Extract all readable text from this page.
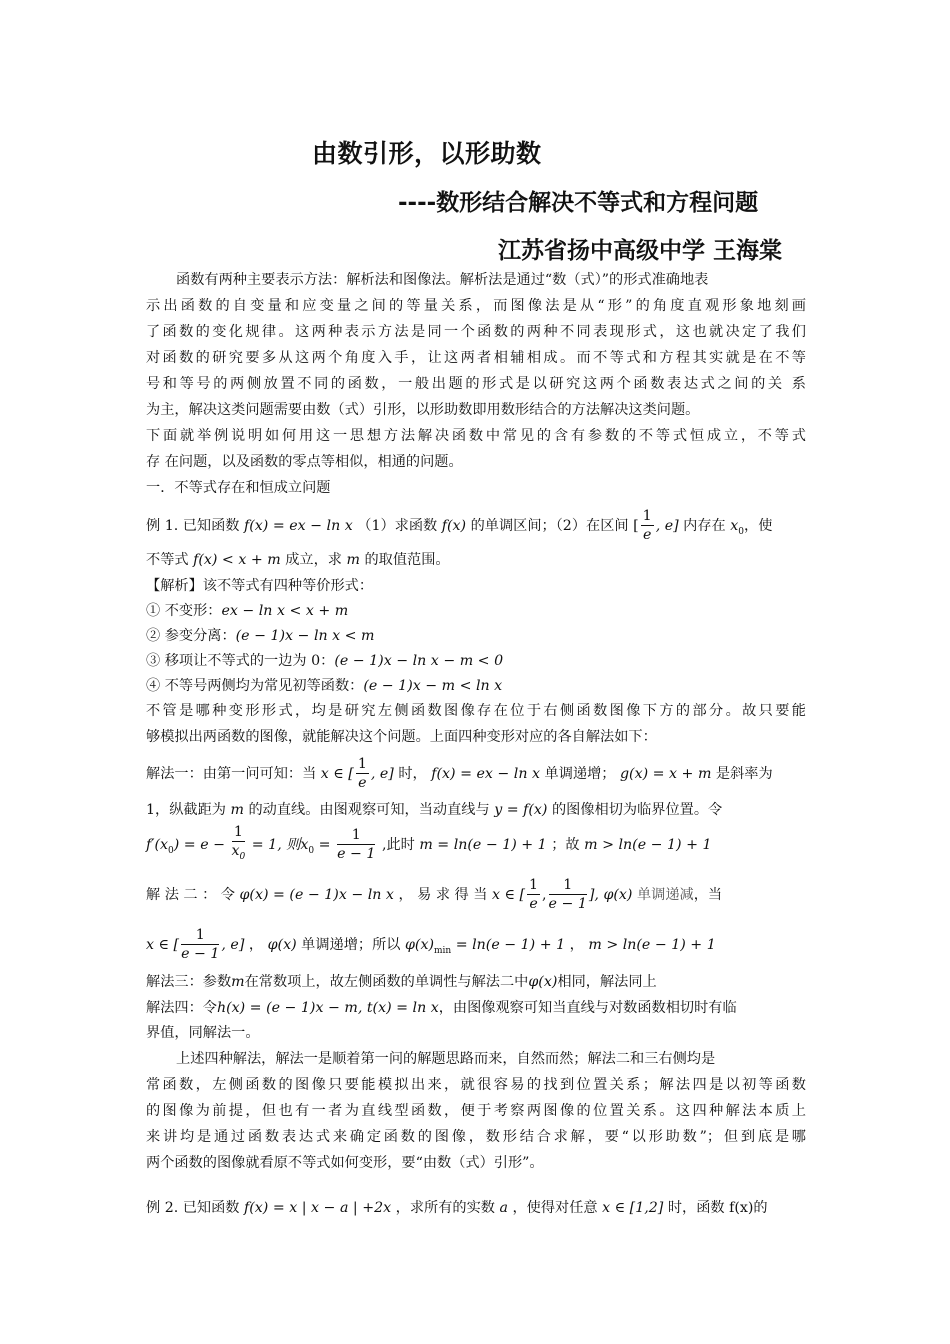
由数引形，以形助数
----数形结合解决不等式和方程问题
江苏省扬中高级中学 王海棠
函数有两种主要表示方法：解析法和图像法。解析法是通过“数（式）”的形式准确地表
示出函数的自变量和应变量之间的等量关系，而图像法是从“形”的角度直观形象地刻画
了函数的变化规律。这两种表示方法是同一个函数的两种不同表现形式，这也就决定了我们
对函数的研究要多从这两个角度入手，让这两者相辅相成。而不等式和方程其实就是在不等
号和等号的两侧放置不同的函数，一般出题的形式是以研究这两个函数表达式之间的关 系
为主，解决这类问题需要由数（式）引形，以形助数即用数形结合的方法解决这类问题。
下面就举例说明如何用这一思想方法解决函数中常见的含有参数的不等式恒成立，不等式
存 在问题，以及函数的零点等相似，相通的问题。
一．不等式存在和恒成立问题
例 1. 已知函数 f(x) = ex − ln x （1）求函数 f(x) 的单调区间；（2）在区间 [ $\frac{1}{e}$ , e] 内存在 $x_0$，使
不等式 f(x) < x + m 成立，求 m 的取值范围。
【解析】该不等式有四种等价形式：
① 不变形：ex − ln x < x + m
② 参变分离：(e − 1)x − ln x < m
③ 移项让不等式的一边为 0：(e − 1)x − ln x − m < 0
④ 不等号两侧均为常见初等函数：(e − 1)x − m < ln x
不管是哪种变形形式，均是研究左侧函数图像存在位于右侧函数图像下方的部分。故只要能
够模拟出两函数的图像，就能解决这个问题。上面四种变形对应的各自解法如下：
解法一：由第一问可知：当 x ∈ [ $\frac{1}{e}$ , e] 时， f(x) = ex − ln x 单调递增； g(x) = x + m 是斜率为
1，纵截距为 m 的动直线。由图观察可知，当动直线与 y = f(x) 的图像相切为临界位置。令
$f'(x_0) = e - \frac{1}{x_0} = 1$, 则$x_0 = \frac{1}{e - 1}$ ,此时 m = ln(e − 1) + 1 ；故 m > ln(e − 1) + 1
解 法 二 ： 令 φ(x) = (e − 1)x − ln x ， 易 求 得 当 x ∈ [ $\frac{1}{e}$ , $\frac{1}{e - 1}$ ], φ(x) 单调递减，当
x ∈ [ $\frac{1}{e - 1}$ , e] ， φ(x) 单调递增；所以 $\varphi(x)_{min} = \ln(e - 1) + 1$ ， m > ln(e − 1) + 1
解法三：参数m在常数项上，故左侧函数的单调性与解法二中φ(x)相同，解法同上
解法四：令h(x) = (e − 1)x − m, t(x) = ln x，由图像观察可知当直线与对数函数相切时有临
界值，同解法一。
上述四种解法，解法一是顺着第一问的解题思路而来，自然而然；解法二和三右侧均是
常函数，左侧函数的图像只要能模拟出来，就很容易的找到位置关系；解法四是以初等函数
的图像为前提，但也有一者为直线型函数，便于考察两图像的位置关系。这四种解法本质上
来讲均是通过函数表达式来确定函数的图像，数形结合求解，要“以形助数”；但到底是哪
两个函数的图像就看原不等式如何变形，要“由数（式）引形”。
例 2. 已知函数 f(x) = x | x − a | +2x ，求所有的实数 a ，使得对任意 x ∈ [1,2] 时，函数 f(x)的
